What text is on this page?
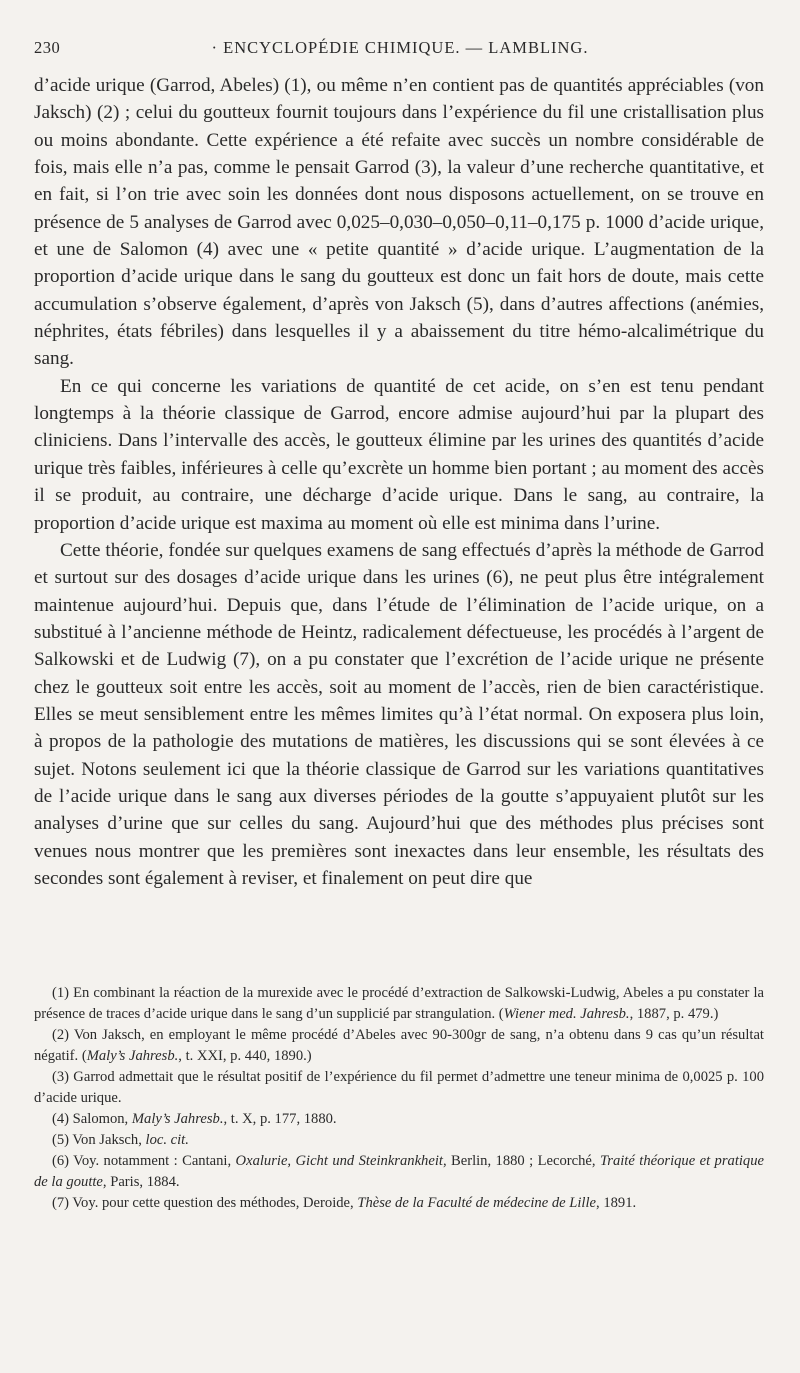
230	· ENCYCLOPÉDIE CHIMIQUE. — LAMBLING.

d’acide urique (Garrod, Abeles) (1), ou même n’en contient pas de quantités appréciables (von Jaksch) (2) ; celui du goutteux fournit toujours dans l’expérience du fil une cristallisation plus ou moins abondante. Cette expérience a été refaite avec succès un nombre considérable de fois, mais elle n’a pas, comme le pensait Garrod (3), la valeur d’une recherche quantitative, et en fait, si l’on trie avec soin les données dont nous disposons actuellement, on se trouve en présence de 5 analyses de Garrod avec 0,025–0,030–0,050–0,11–0,175 p. 1000 d’acide urique, et une de Salomon (4) avec une « petite quantité » d’acide urique. L’augmentation de la proportion d’acide urique dans le sang du goutteux est donc un fait hors de doute, mais cette accumulation s’observe également, d’après von Jaksch (5), dans d’autres affections (anémies, néphrites, états fébriles) dans lesquelles il y a abaissement du titre hémo-alcalimétrique du sang.

En ce qui concerne les variations de quantité de cet acide, on s’en est tenu pendant longtemps à la théorie classique de Garrod, encore admise aujourd’hui par la plupart des cliniciens. Dans l’intervalle des accès, le goutteux élimine par les urines des quantités d’acide urique très faibles, inférieures à celle qu’excrète un homme bien portant ; au moment des accès il se produit, au contraire, une décharge d’acide urique. Dans le sang, au contraire, la proportion d’acide urique est maxima au moment où elle est minima dans l’urine.

Cette théorie, fondée sur quelques examens de sang effectués d’après la méthode de Garrod et surtout sur des dosages d’acide urique dans les urines (6), ne peut plus être intégralement maintenue aujourd’hui. Depuis que, dans l’étude de l’élimination de l’acide urique, on a substitué à l’ancienne méthode de Heintz, radicalement défectueuse, les procédés à l’argent de Salkowski et de Ludwig (7), on a pu constater que l’excrétion de l’acide urique ne présente chez le goutteux soit entre les accès, soit au moment de l’accès, rien de bien caractéristique. Elles se meut sensiblement entre les mêmes limites qu’à l’état normal. On exposera plus loin, à propos de la pathologie des mutations de matières, les discussions qui se sont élevées à ce sujet. Notons seulement ici que la théorie classique de Garrod sur les variations quantitatives de l’acide urique dans le sang aux diverses périodes de la goutte s’appuyaient plutôt sur les analyses d’urine que sur celles du sang. Aujourd’hui que des méthodes plus précises sont venues nous montrer que les premières sont inexactes dans leur ensemble, les résultats des secondes sont également à reviser, et finalement on peut dire que

(1) En combinant la réaction de la murexide avec le procédé d’extraction de Salkowski-Ludwig, Abeles a pu constater la présence de traces d’acide urique dans le sang d’un supplicié par strangulation. (Wiener med. Jahresb., 1887, p. 479.)

(2) Von Jaksch, en employant le même procédé d’Abeles avec 90-300gr de sang, n’a obtenu dans 9 cas qu’un résultat négatif. (Maly’s Jahresb., t. XXI, p. 440, 1890.)

(3) Garrod admettait que le résultat positif de l’expérience du fil permet d’admettre une teneur minima de 0,0025 p. 100 d’acide urique.

(4) Salomon, Maly’s Jahresb., t. X, p. 177, 1880.

(5) Von Jaksch, loc. cit.

(6) Voy. notamment : Cantani, Oxalurie, Gicht und Steinkrankheit, Berlin, 1880 ; Lecorché, Traité théorique et pratique de la goutte, Paris, 1884.

(7) Voy. pour cette question des méthodes, Deroide, Thèse de la Faculté de médecine de Lille, 1891.
